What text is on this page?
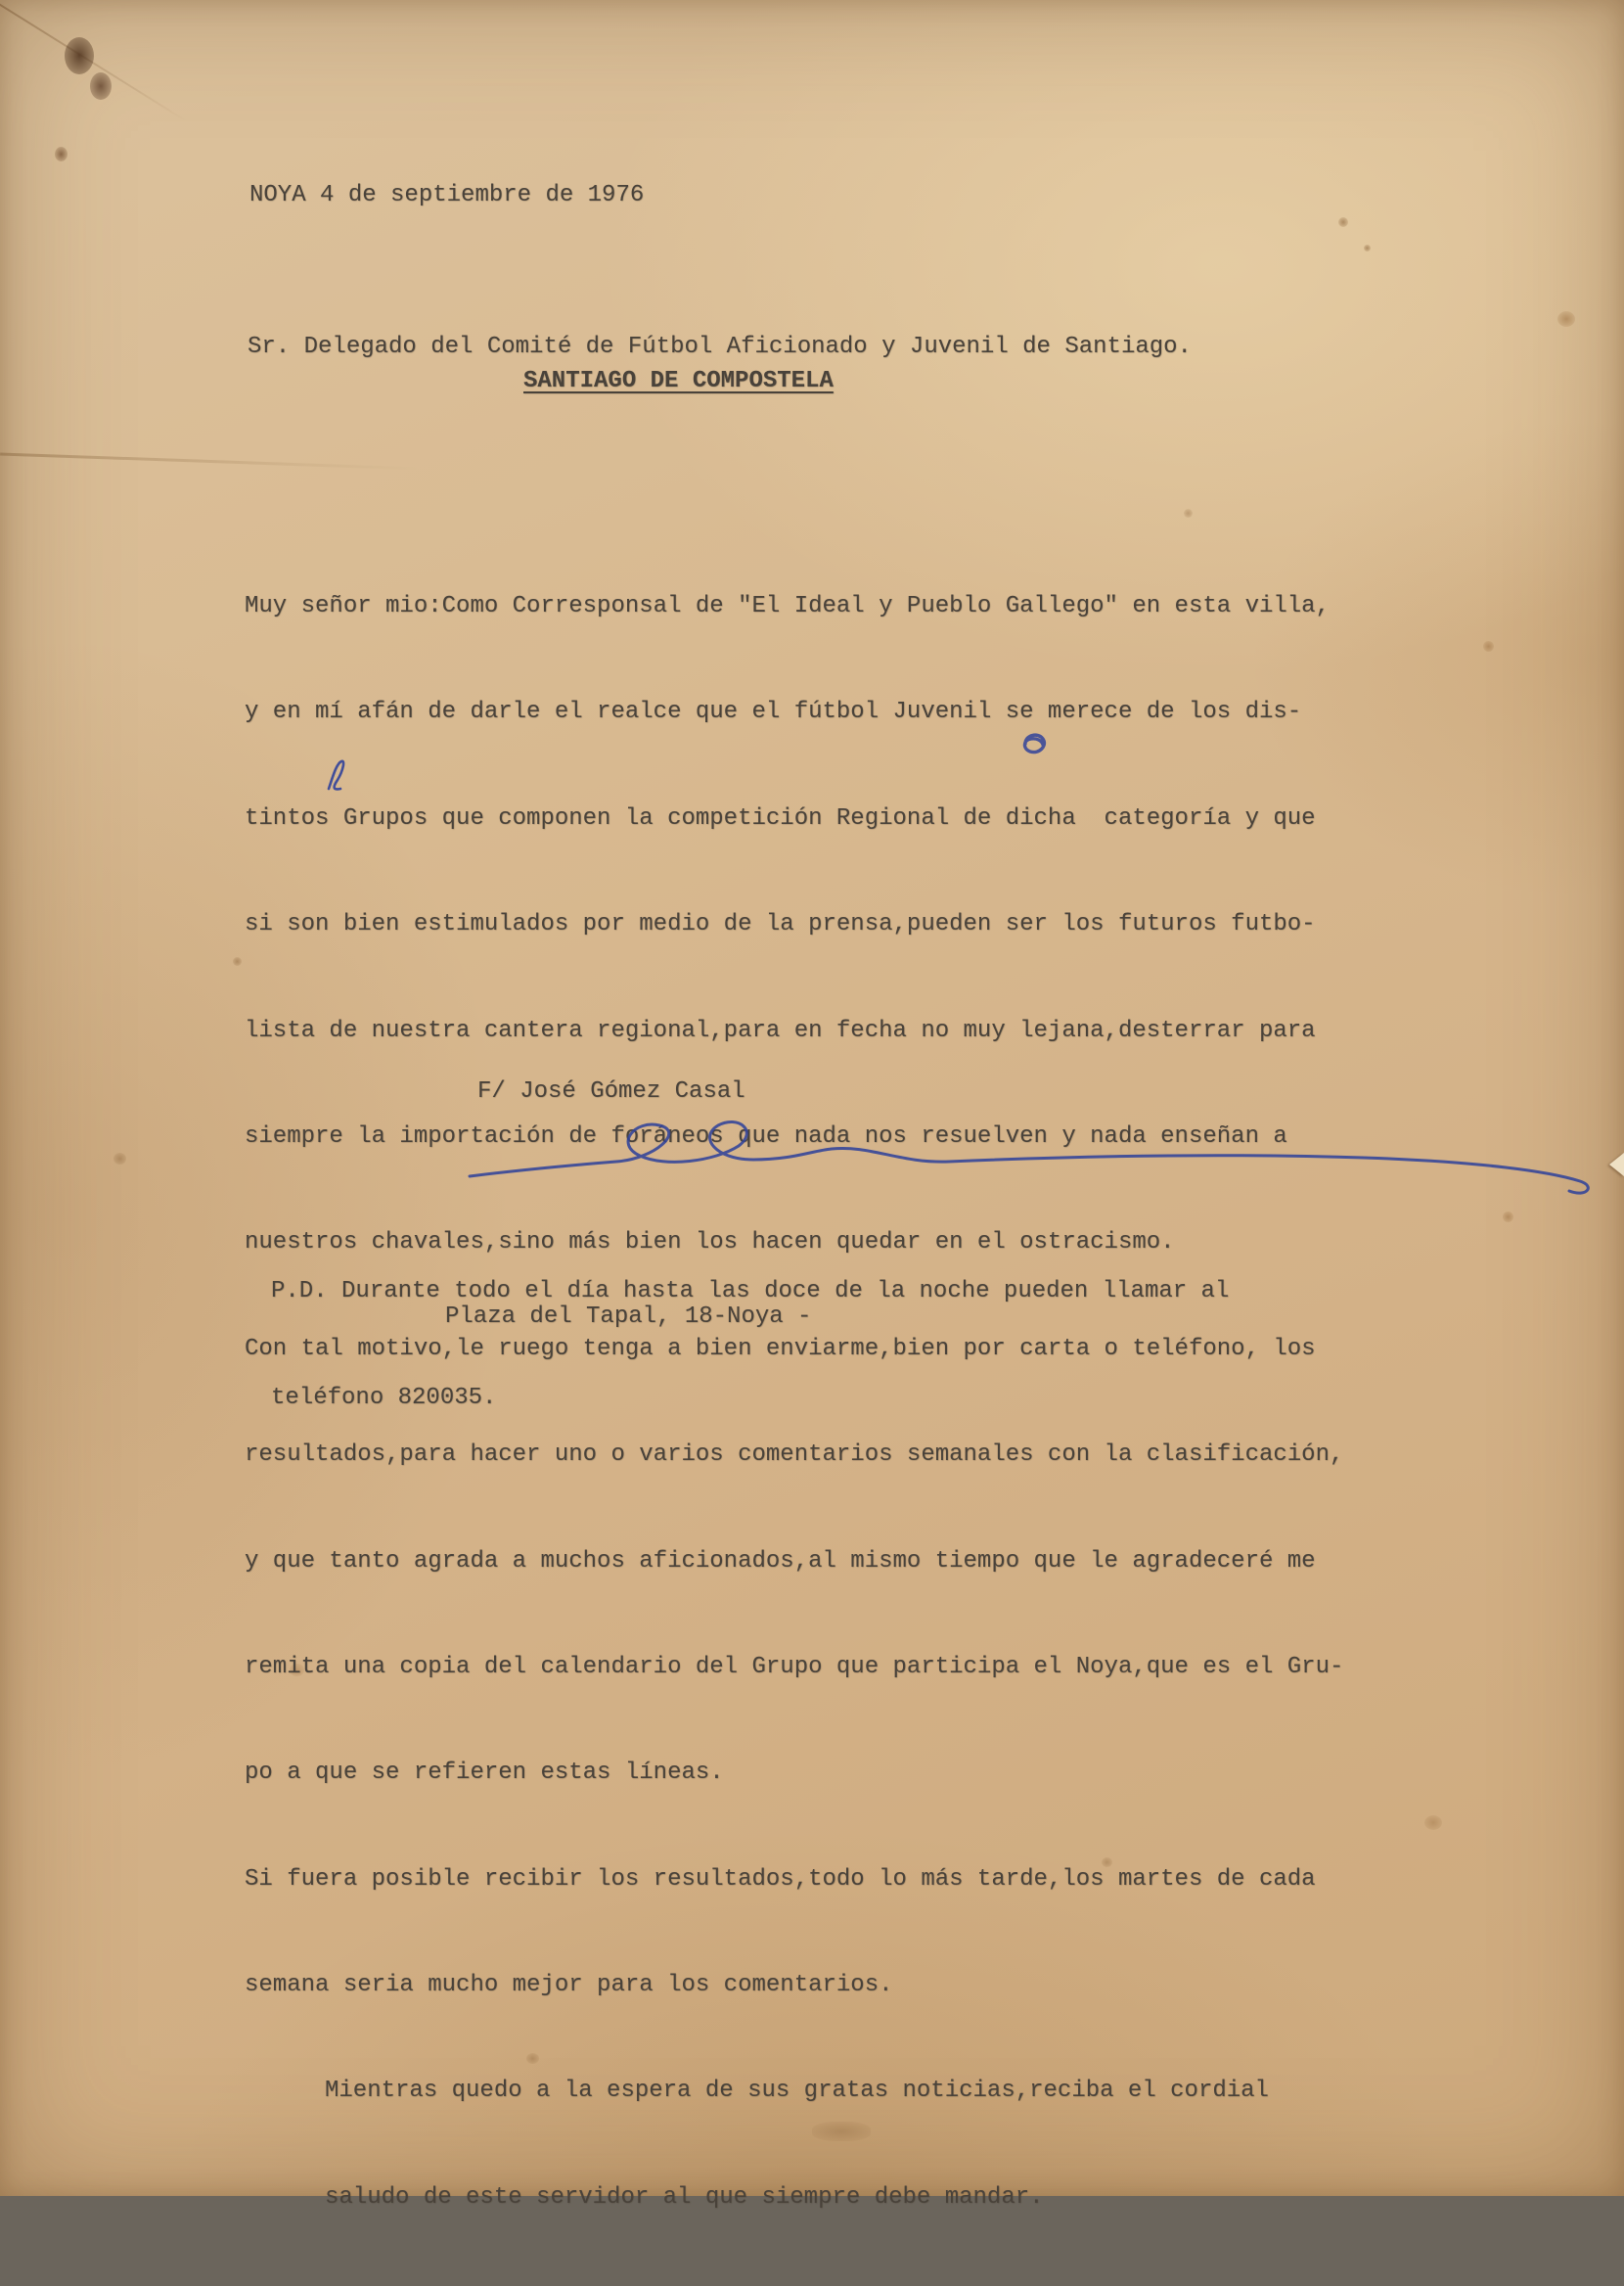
NOYA 4 de septiembre de 1976
Sr. Delegado del Comité de Fútbol Aficionado y Juvenil de Santiago.
SANTIAGO DE COMPOSTELA

Muy señor mio:Como Corresponsal de "El Ideal y Pueblo Gallego" en esta villa,

y en mí afán de darle el realce que el fútbol Juvenil se merece de los dis-

tintos Grupos que componen la competición Regional de dicha  categoría y que

si son bien estimulados por medio de la prensa,pueden ser los futuros futbo-

lista de nuestra cantera regional,para en fecha no muy lejana,desterrar para

siempre la importación de foráneos que nada nos resuelven y nada enseñan a

nuestros chavales,sino más bien los hacen quedar en el ostracismo.

Con tal motivo,le ruego tenga a bien enviarme,bien por carta o teléfono, los

resultados,para hacer uno o varios comentarios semanales con la clasificación,

y que tanto agrada a muchos aficionados,al mismo tiempo que le agradeceré me

remita una copia del calendario del Grupo que participa el Noya,que es el Gru-

po a que se refieren estas líneas.

Si fuera posible recibir los resultados,todo lo más tarde,los martes de cada

semana seria mucho mejor para los comentarios.

Mientras quedo a la espera de sus gratas noticias,reciba el cordial

saludo de este servidor al que siempre debe mandar.

F/ José Gómez Casal

P.D. Durante todo el día hasta las doce de la noche pueden llamar al

teléfono 820035.

Plaza del Tapal, 18-Noya -
